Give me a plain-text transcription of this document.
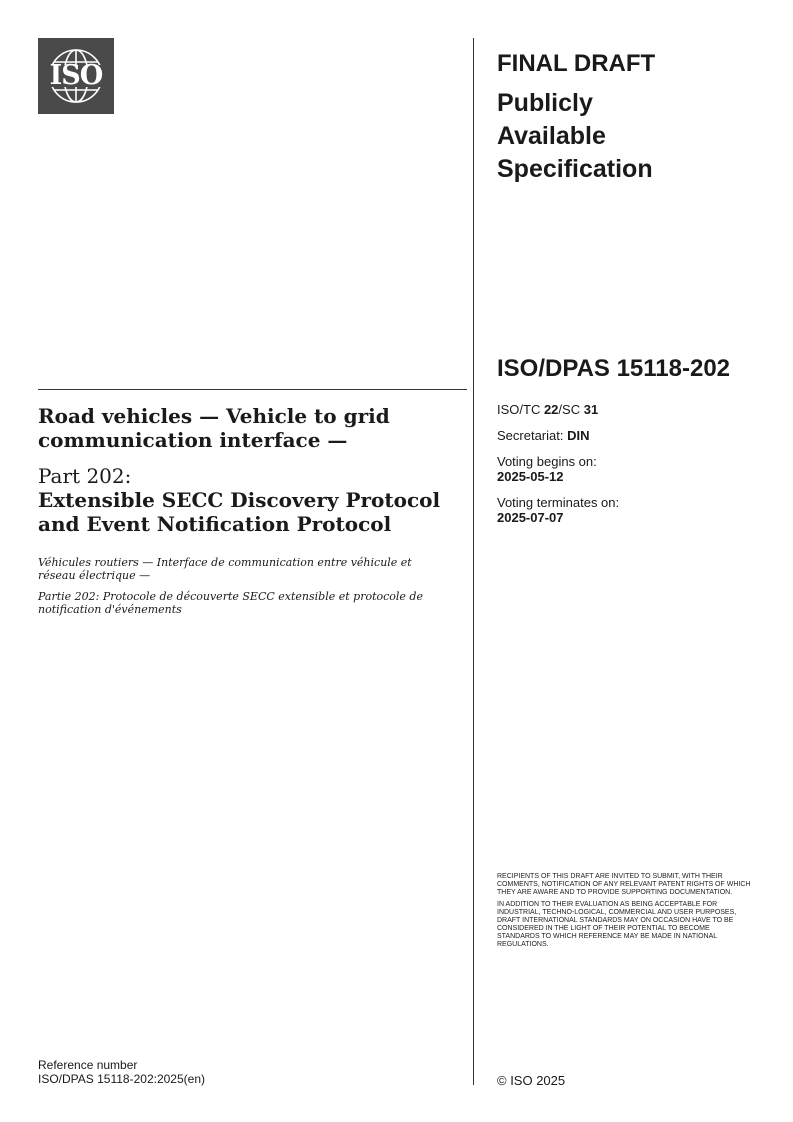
ISO	FINAL DRAFT
Publicly
Available
Specification
ISO/DPAS 15118-202
ISO/TC 22/SC 31
Secretariat: DIN
Voting begins on:
2025-05-12
Voting terminates on:
2025-07-07

RECIPIENTS OF THIS DRAFT ARE INVITED TO SUBMIT, WITH THEIR COMMENTS, NOTIFICATION OF ANY RELEVANT PATENT RIGHTS OF WHICH THEY ARE AWARE AND TO PROVIDE SUPPORTING DOCUMENTATION.

IN ADDITION TO THEIR EVALUATION AS BEING ACCEPTABLE FOR INDUSTRIAL, TECHNO-LOGICAL, COMMERCIAL AND USER PURPOSES, DRAFT INTERNATIONAL STANDARDS MAY ON OCCASION HAVE TO BE CONSIDERED IN THE LIGHT OF THEIR POTENTIAL TO BECOME STANDARDS TO WHICH REFERENCE MAY BE MADE IN NATIONAL REGULATIONS.

© ISO 2025
Road vehicles — Vehicle to grid communication interface —
Part 202:
Extensible SECC Discovery Protocol and Event Notification Protocol
Véhicules routiers — Interface de communication entre véhicule et réseau électrique —
Partie 202: Protocole de découverte SECC extensible et protocole de notification d'événements
Reference number
ISO/DPAS 15118-202:2025(en)
